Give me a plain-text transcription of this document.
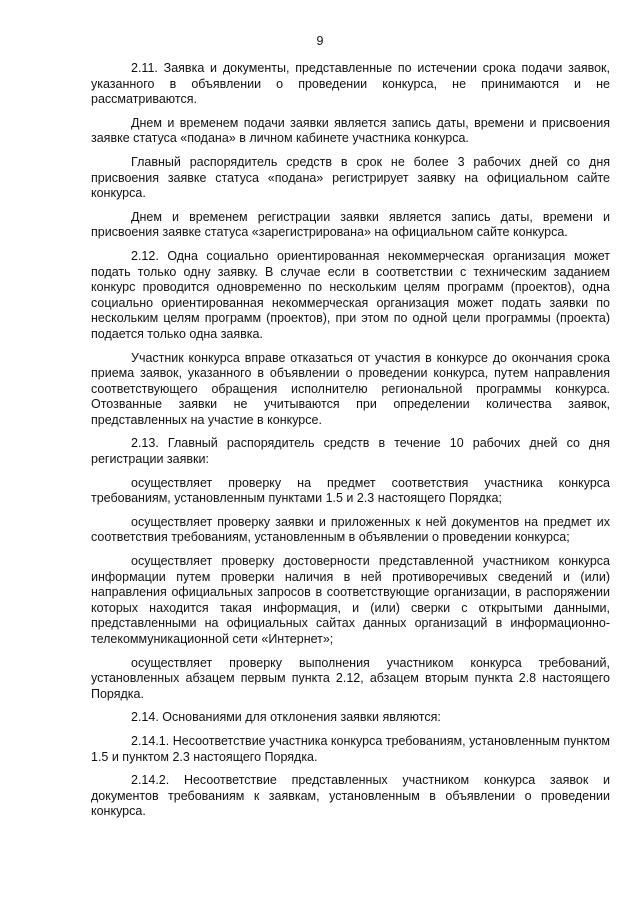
9

2.11. Заявка и документы, представленные по истечении срока подачи заявок, указанного в объявлении о проведении конкурса, не принимаются и не рассматриваются.

Днем и временем подачи заявки является запись даты, времени и присвоения заявке статуса «подана» в личном кабинете участника конкурса.

Главный распорядитель средств в срок не более 3 рабочих дней со дня присвоения заявке статуса «подана» регистрирует заявку на официальном сайте конкурса.

Днем и временем регистрации заявки является запись даты, времени и присвоения заявке статуса «зарегистрирована» на официальном сайте конкурса.

2.12. Одна социально ориентированная некоммерческая организация может подать только одну заявку. В случае если в соответствии с техническим заданием конкурс проводится одновременно по нескольким целям программ (проектов), одна социально ориентированная некоммерческая организация может подать заявки по нескольким целям программ (проектов), при этом по одной цели программы (проекта) подается только одна заявка.

Участник конкурса вправе отказаться от участия в конкурсе до окончания срока приема заявок, указанного в объявлении о проведении конкурса, путем направления соответствующего обращения исполнителю региональной программы конкурса. Отозванные заявки не учитываются при определении количества заявок, представленных на участие в конкурсе.

2.13. Главный распорядитель средств в течение 10 рабочих дней со дня регистрации заявки:

осуществляет проверку на предмет соответствия участника конкурса требованиям, установленным пунктами 1.5 и 2.3 настоящего Порядка;

осуществляет проверку заявки и приложенных к ней документов на предмет их соответствия требованиям, установленным в объявлении о проведении конкурса;

осуществляет проверку достоверности представленной участником конкурса информации путем проверки наличия в ней противоречивых сведений и (или) направления официальных запросов в соответствующие организации, в распоряжении которых находится такая информация, и (или) сверки с открытыми данными, представленными на официальных сайтах данных организаций в информационно-телекоммуникационной сети «Интернет»;

осуществляет проверку выполнения участником конкурса требований, установленных абзацем первым пункта 2.12, абзацем вторым пункта 2.8 настоящего Порядка.

2.14. Основаниями для отклонения заявки являются:

2.14.1. Несоответствие участника конкурса требованиям, установленным пунктом 1.5 и пунктом 2.3 настоящего Порядка.

2.14.2. Несоответствие представленных участником конкурса заявок и документов требованиям к заявкам, установленным в объявлении о проведении конкурса.
